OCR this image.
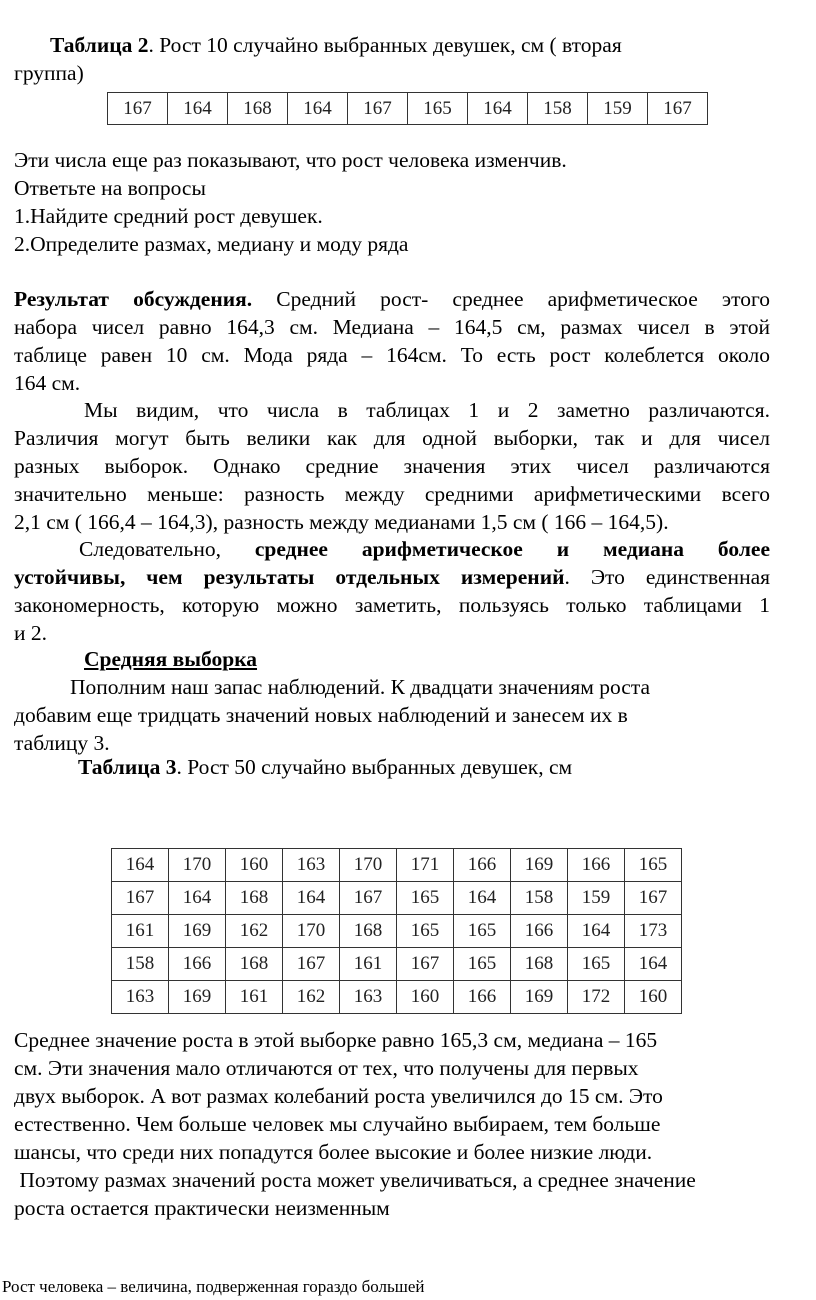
Таблица 2. Рост 10 случайно выбранных девушек, см ( вторая
группа)
167	164	168	164	167	165	164	158	159	167
Эти числа еще раз показывают, что рост человека изменчив.
Ответьте на вопросы
1.Найдите средний рост девушек.
2.Определите размах, медиану и моду ряда
Результат обсуждения. Средний рост- среднее арифметическое этого
набора чисел равно 164,3 см. Медиана – 164,5 см, размах чисел в этой
таблице равен 10 см. Мода ряда – 164см. То есть рост колеблется около
164 см.
Мы видим, что числа в таблицах 1 и 2 заметно различаются.
Различия могут быть велики как для одной выборки, так и для чисел
разных выборок. Однако средние значения этих чисел различаются
значительно меньше: разность между средними арифметическими всего
2,1 см ( 166,4 – 164,3), разность между медианами 1,5 см ( 166 – 164,5).
Следовательно, среднее арифметическое и медиана более
устойчивы, чем результаты отдельных измерений. Это единственная
закономерность, которую можно заметить, пользуясь только таблицами 1
и 2.
Средняя выборка
Пополним наш запас наблюдений. К двадцати значениям роста
добавим еще тридцать значений новых наблюдений и занесем их в
таблицу 3.
Таблица 3. Рост 50 случайно выбранных девушек, см
164	170	160	163	170	171	166	169	166	165
167	164	168	164	167	165	164	158	159	167
161	169	162	170	168	165	165	166	164	173
158	166	168	167	161	167	165	168	165	164
163	169	161	162	163	160	166	169	172	160
Среднее значение роста в этой выборке равно 165,3 см, медиана – 165
см. Эти значения мало отличаются от тех, что получены для первых
двух выборок. А вот размах колебаний роста увеличился до 15 см. Это
естественно. Чем больше человек мы случайно выбираем, тем больше
шансы, что среди них попадутся более высокие и более низкие люди.
Поэтому размах значений роста может увеличиваться, а среднее значение
роста остается практически неизменным
Рост человека – величина, подверженная гораздо большей
